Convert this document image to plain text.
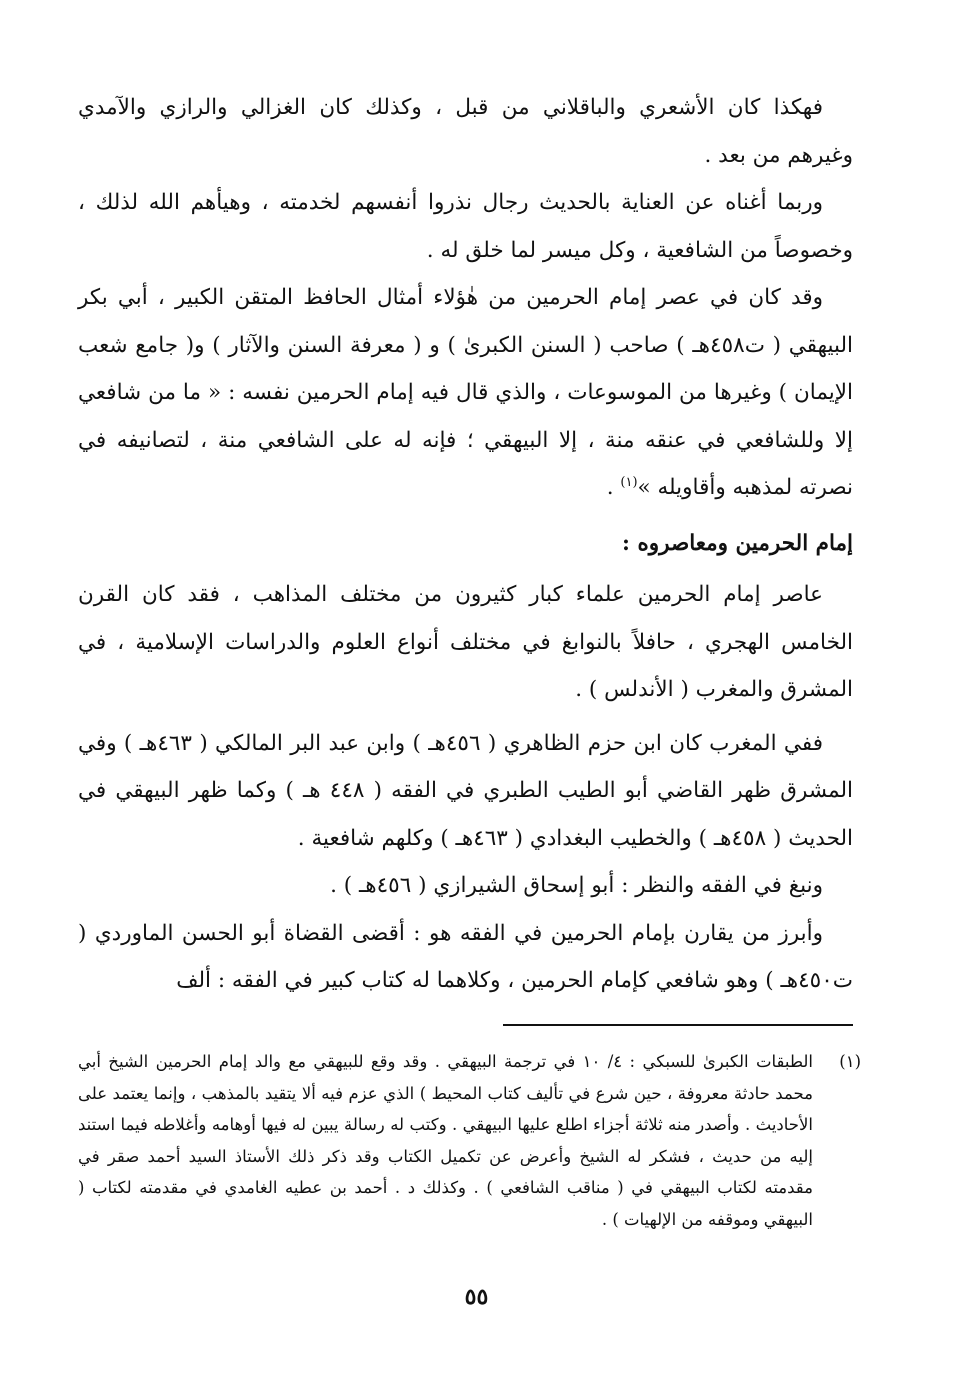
فهكذا كان الأشعري والباقلاني من قبل ، وكذلك كان الغزالي والرازي والآمدي وغيرهم من بعد .

وربما أغناه عن العناية بالحديث رجال نذروا أنفسهم لخدمته ، وهيأهم الله لذلك ، وخصوصاً من الشافعية ، وكل ميسر لما خلق له .

وقد كان في عصر إمام الحرمين من هٰؤلاء أمثال الحافظ المتقن الكبير ، أبي بكر البيهقي ( ت٤٥٨هـ ) صاحب ( السنن الكبرىٰ ) و ( معرفة السنن والآثار ) و( جامع شعب الإيمان ) وغيرها من الموسوعات ، والذي قال فيه إمام الحرمين نفسه : « ما من شافعي إلا وللشافعي في عنقه منة ، إلا البيهقي ؛ فإنه له على الشافعي منة ، لتصانيفه في نصرته لمذهبه وأقاويله »$^{(١)}$ .

إمام الحرمين ومعاصروه :

عاصر إمام الحرمين علماء كبار كثيرون من مختلف المذاهب ، فقد كان القرن الخامس الهجري ، حافلاً بالنوابغ في مختلف أنواع العلوم والدراسات الإسلامية ، في المشرق والمغرب ( الأندلس ) .

ففي المغرب كان ابن حزم الظاهري ( ٤٥٦هـ ) وابن عبد البر المالكي ( ٤٦٣هـ ) وفي المشرق ظهر القاضي أبو الطيب الطبري في الفقه ( ٤٤٨ هـ ) وكما ظهر البيهقي في الحديث ( ٤٥٨هـ ) والخطيب البغدادي ( ٤٦٣هـ ) وكلهم شافعية .

ونبغ في الفقه والنظر : أبو إسحاق الشيرازي ( ٤٥٦هـ ) .

وأبرز من يقارن بإمام الحرمين في الفقه هو : أقضى القضاة أبو الحسن الماوردي ( ت٤٥٠هـ ) وهو شافعي كإمام الحرمين ، وكلاهما له كتاب كبير في الفقه : ألف

(١)
الطبقات الكبرىٰ للسبكي : ٤/ ١٠ في ترجمة البيهقي . وقد وقع للبيهقي مع والد إمام الحرمين الشيخ أبي محمد حادثة معروفة ، حين شرع في تأليف كتاب المحيط ) الذي عزم فيه ألا يتقيد بالمذهب ، وإنما يعتمد على الأحاديث . وأصدر منه ثلاثة أجزاء اطلع عليها البيهقي . وكتب له رسالة يبين له فيها أوهامه وأغلاطه فيما استند إليه من حديث ، فشكر له الشيخ وأعرض عن تكميل الكتاب وقد ذكر ذلك الأستاذ السيد أحمد صقر في مقدمته لكتاب البيهقي في ( مناقب الشافعي ) . وكذلك د . أحمد بن عطيه الغامدي في مقدمته لكتاب ( البيهقي وموقفه من الإلهيات ) .
٥٥
